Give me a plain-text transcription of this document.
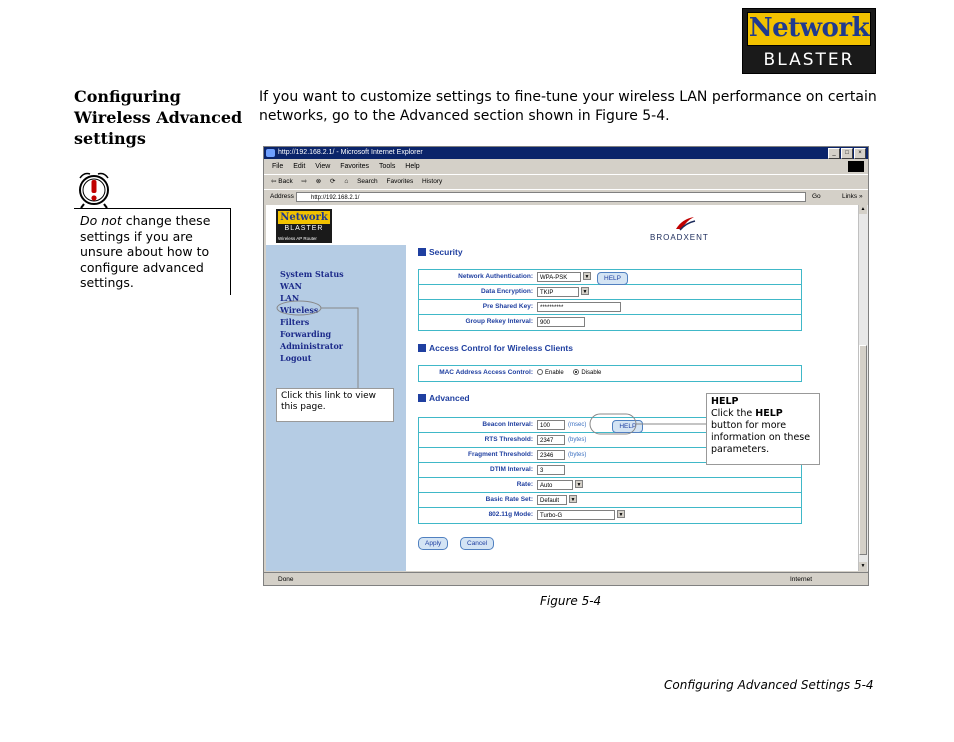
Network
BLASTER
Configuring
Wireless Advanced
settings
If you want to customize settings to fine-tune your wireless LAN performance on certain networks, go to the Advanced section shown in Figure 5-4.
Do not change these settings if you are unsure about how to configure advanced settings.
http://192.168.2.1/ - Microsoft Internet Explorer	_ □ ×
File Edit View Favorites Tools Help
⇦ Back ⇨ ⊗ ⟳ ⌂ Search Favorites History
Address	http://192.168.2.1/	Go	Links »
Network
BLASTER
Wireless AP Router	BROADXENT
System Status
WAN
LAN
Wireless
Filters
Forwarding
Administrator
Logout
Security
Network Authentication:	WPA-PSK	▼ HELP
Data Encryption:	TKIP	▼
Pre Shared Key:	**********
Group Rekey Interval:	900
Access Control for Wireless Clients
MAC Address Access Control:	Enable	Disable
Advanced
Beacon Interval:	100	(msec)	HELP
RTS Threshold:	2347 (bytes)
Fragment Threshold:	2346 (bytes)
DTIM Interval:	3
Rate:	Auto	▼
Basic Rate Set:	Default ▼
802.11g Mode:	Turbo-G	▼
Apply	Cancel
▲
▼
Done	Internet
Click this link to view this page.	HELP
Click the HELP button for more information on these parameters.
Figure 5-4
Configuring Advanced Settings 5-4
